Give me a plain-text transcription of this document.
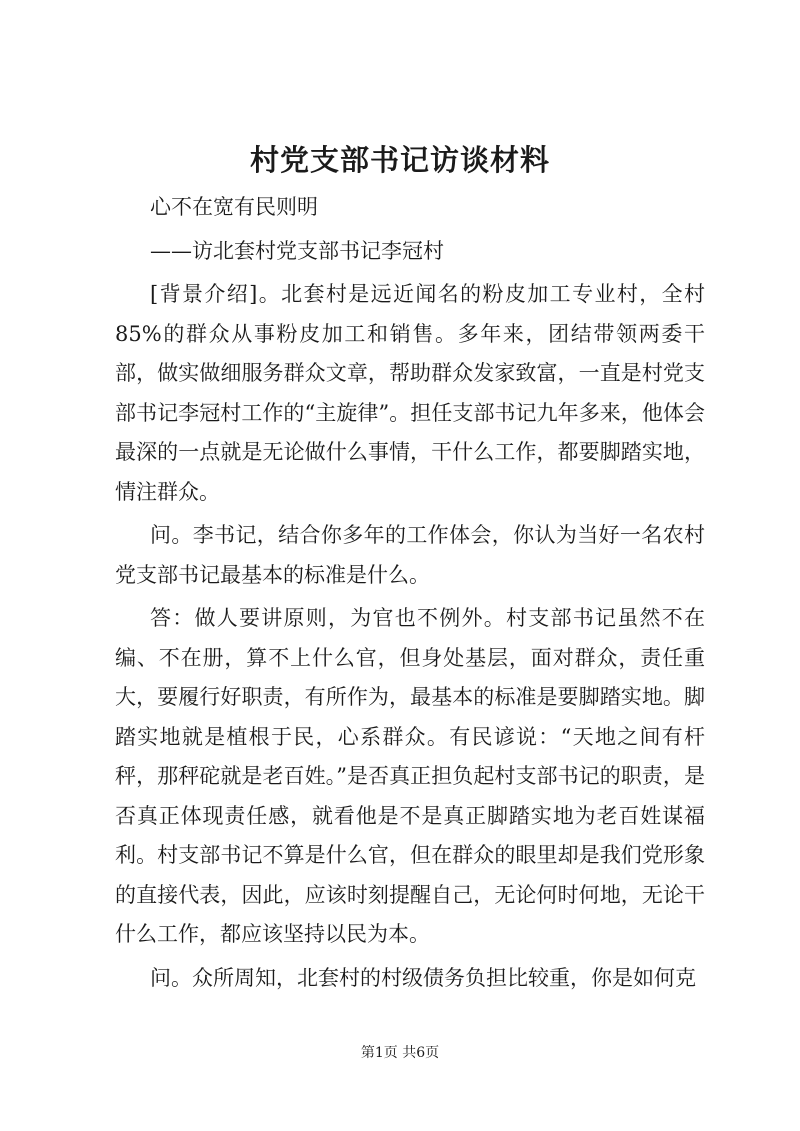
村党支部书记访谈材料

心不在宽有民则明

——访北套村党支部书记李冠村

[背景介绍]。北套村是远近闻名的粉皮加工专业村，全村85%的群众从事粉皮加工和销售。多年来，团结带领两委干部，做实做细服务群众文章，帮助群众发家致富，一直是村党支部书记李冠村工作的“主旋律”。担任支部书记九年多来，他体会最深的一点就是无论做什么事情，干什么工作，都要脚踏实地，情注群众。

问。李书记，结合你多年的工作体会，你认为当好一名农村党支部书记最基本的标准是什么。

答：做人要讲原则，为官也不例外。村支部书记虽然不在编、不在册，算不上什么官，但身处基层，面对群众，责任重大，要履行好职责，有所作为，最基本的标准是要脚踏实地。脚踏实地就是植根于民，心系群众。有民谚说：“天地之间有杆秤，那秤砣就是老百姓。”是否真正担负起村支部书记的职责，是否真正体现责任感，就看他是不是真正脚踏实地为老百姓谋福利。村支部书记不算是什么官，但在群众的眼里却是我们党形象的直接代表，因此，应该时刻提醒自己，无论何时何地，无论干什么工作，都应该坚持以民为本。

问。众所周知，北套村的村级债务负担比较重，你是如何克

第1页 共6页
